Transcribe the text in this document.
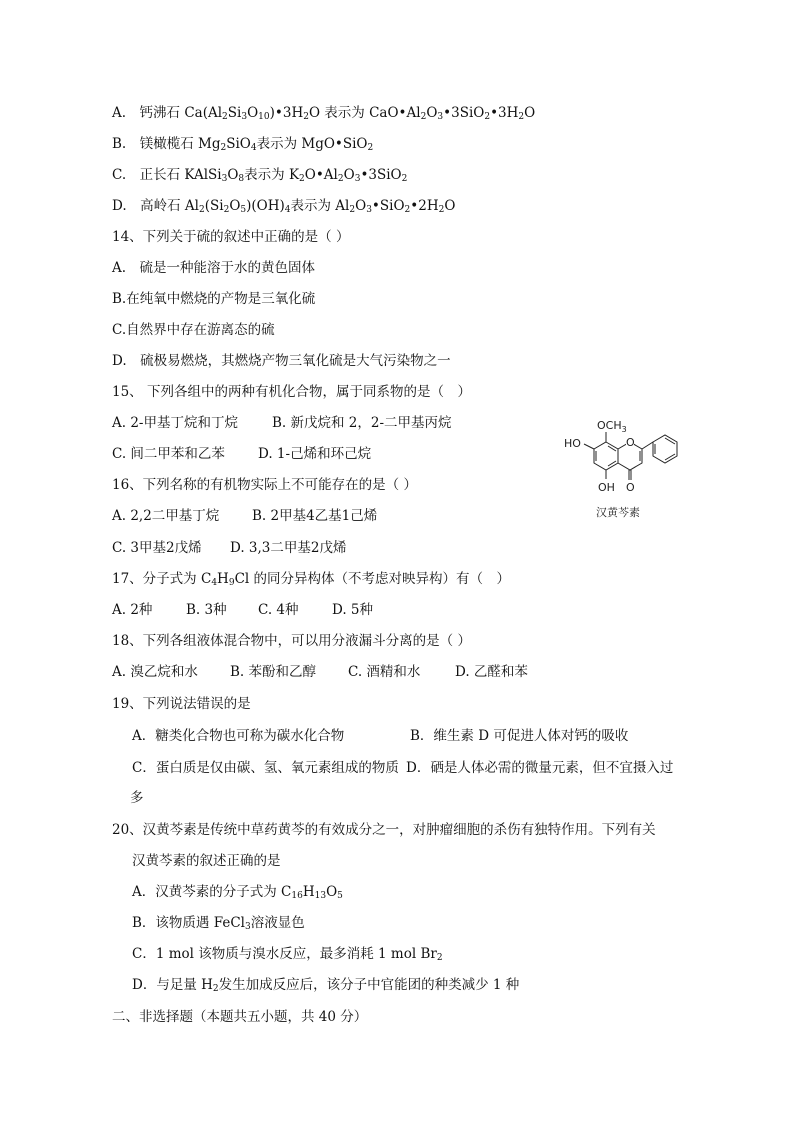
A.　钙沸石 $Ca(Al_2Si_3O_{10})•3H_2O$ 表示为 $CaO•Al_2O_3•3SiO_2•3H_2O$
B.　镁橄榄石 $Mg_2SiO_4$表示为 MgO•SiO$_2$
C.　正长石 $KAlSi_3O_8$表示为 $K_2O•Al_2O_3•3SiO_2$
D.　高岭石 $Al_2(Si_2O_5)(OH)_4$表示为 $Al_2O_3•SiO_2•2H_2O$
14、下列关于硫的叙述中正确的是（ ）
A.　硫是一种能溶于水的黄色固体
B.在纯氧中燃烧的产物是三氧化硫
C.自然界中存在游离态的硫
D.　硫极易燃烧，其燃烧产物三氧化硫是大气污染物之一
15、 下列各组中的两种有机化合物，属于同系物的是（　）
A. 2-甲基丁烷和丁烷	B. 新戊烷和 2，2-二甲基丙烷
C. 间二甲苯和乙苯 D. 1-己烯和环己烷
16、下列名称的有机物实际上不可能存在的是（ ）
A. 2,2二甲基丁烷 B. 2甲基4乙基1己烯
C. 3甲基2戊烯 D. 3,3二甲基2戊烯
17、分子式为 $C_4H_9Cl$ 的同分异构体（不考虑对映异构）有（　）
A. 2种 B. 3种 C. 4种 D. 5种
18、下列各组液体混合物中，可以用分液漏斗分离的是（ ）
A. 溴乙烷和水 B. 苯酚和乙醇 C. 酒精和水	D. 乙醛和苯
19、下列说法错误的是
A．糖类化合物也可称为碳水化合物	B．维生素 D 可促进人体对钙的吸收
C．蛋白质是仅由碳、氢、氧元素组成的物质 D．硒是人体必需的微量元素，但不宜摄入过
多
20、汉黄芩素是传统中草药黄芩的有效成分之一，对肿瘤细胞的杀伤有独特作用。下列有关
汉黄芩素的叙述正确的是
A．汉黄芩素的分子式为 $C_{16}H_{13}O_5$
B．该物质遇 FeCl$_3$溶液显色
C．1 mol 该物质与溴水反应，最多消耗 1 mol $Br_2$
D．与足量 $H_2$发生加成反应后，该分子中官能团的种类减少 1 种
二、非选择题（本题共五小题，共 40 分）
O
$OCH_3$
HO
OH O
汉黄芩素
